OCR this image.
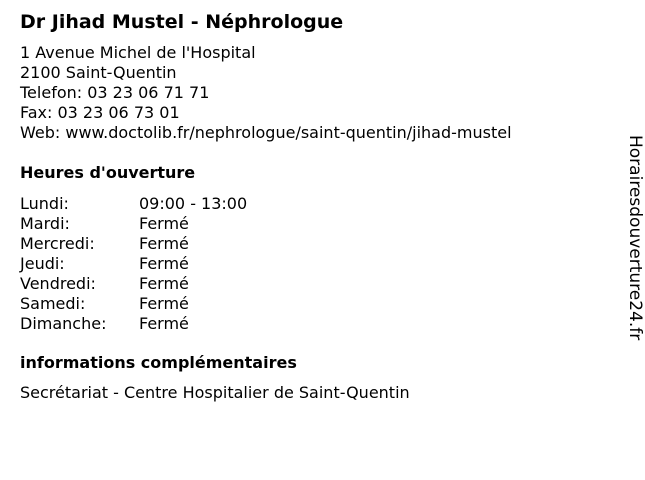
Dr Jihad Mustel - Néphrologue
1 Avenue Michel de l'Hospital
2100 Saint-Quentin
Telefon: 03 23 06 71 71
Fax: 03 23 06 73 01
Web: www.doctolib.fr/nephrologue/saint-quentin/jihad-mustel
Heures d'ouverture
Lundi:	09:00 - 13:00
Mardi:	Fermé
Mercredi:	Fermé
Jeudi:	Fermé
Vendredi:	Fermé
Samedi:	Fermé
Dimanche:	Fermé
informations complémentaires
Secrétariat - Centre Hospitalier de Saint-Quentin
Horairesdouverture24.fr
